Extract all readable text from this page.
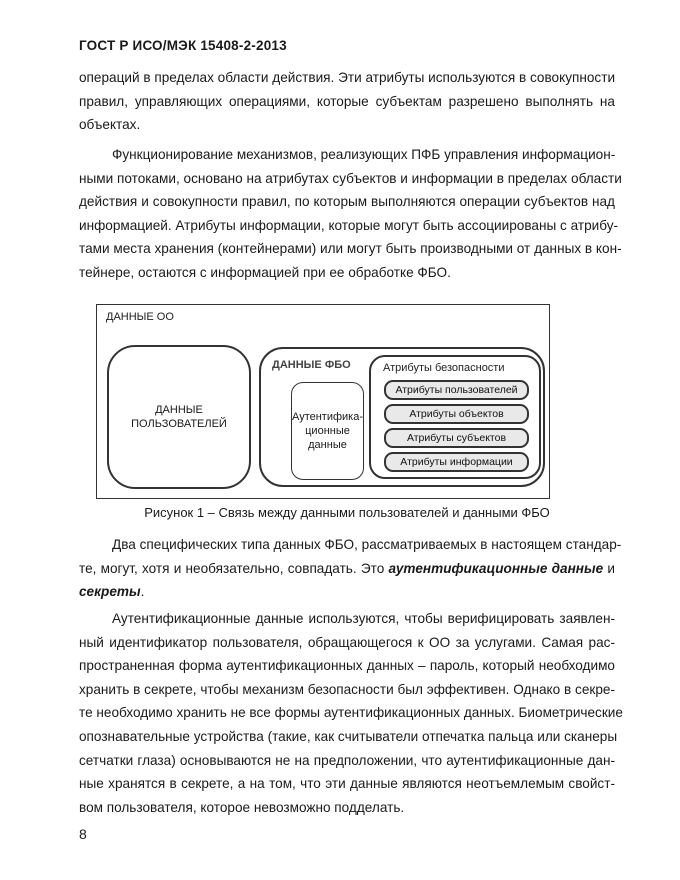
ГОСТ Р ИСО/МЭК 15408-2-2013

операций в пределах области действия. Эти атрибуты используются в совокупности
правил, управляющих операциями, которые субъектам разрешено выполнять на
объектах.

Функционирование механизмов, реализующих ПФБ управления информацион-
ными потоками, основано на атрибутах субъектов и информации в пределах области
действия и совокупности правил, по которым выполняются операции субъектов над
информацией. Атрибуты информации, которые могут быть ассоциированы с атрибу-
тами места хранения (контейнерами) или могут быть производными от данных в кон-
тейнере, остаются с информацией при ее обработке ФБО.

ДАННЫЕ ОО
ДАННЫЕ
ПОЛЬЗОВАТЕЛЕЙ
ДАННЫЕ ФБО
Аутентифика-
ционные
данные
Атрибуты безопасности
Атрибуты пользователей
Атрибуты объектов
Атрибуты субъектов
Атрибуты информации
Рисунок 1 – Связь между данными пользователей и данными ФБО

Два специфических типа данных ФБО, рассматриваемых в настоящем стандар-
те, могут, хотя и необязательно, совпадать. Это аутентификационные данные и
секреты.

Аутентификационные данные используются, чтобы верифицировать заявлен-
ный идентификатор пользователя, обращающегося к ОО за услугами. Самая рас-
пространенная форма аутентификационных данных – пароль, который необходимо
хранить в секрете, чтобы механизм безопасности был эффективен. Однако в секре-
те необходимо хранить не все формы аутентификационных данных. Биометрические
опознавательные устройства (такие, как считыватели отпечатка пальца или сканеры
сетчатки глаза) основываются не на предположении, что аутентификационные дан-
ные хранятся в секрете, а на том, что эти данные являются неотъемлемым свойст-
вом пользователя, которое невозможно подделать.

8
